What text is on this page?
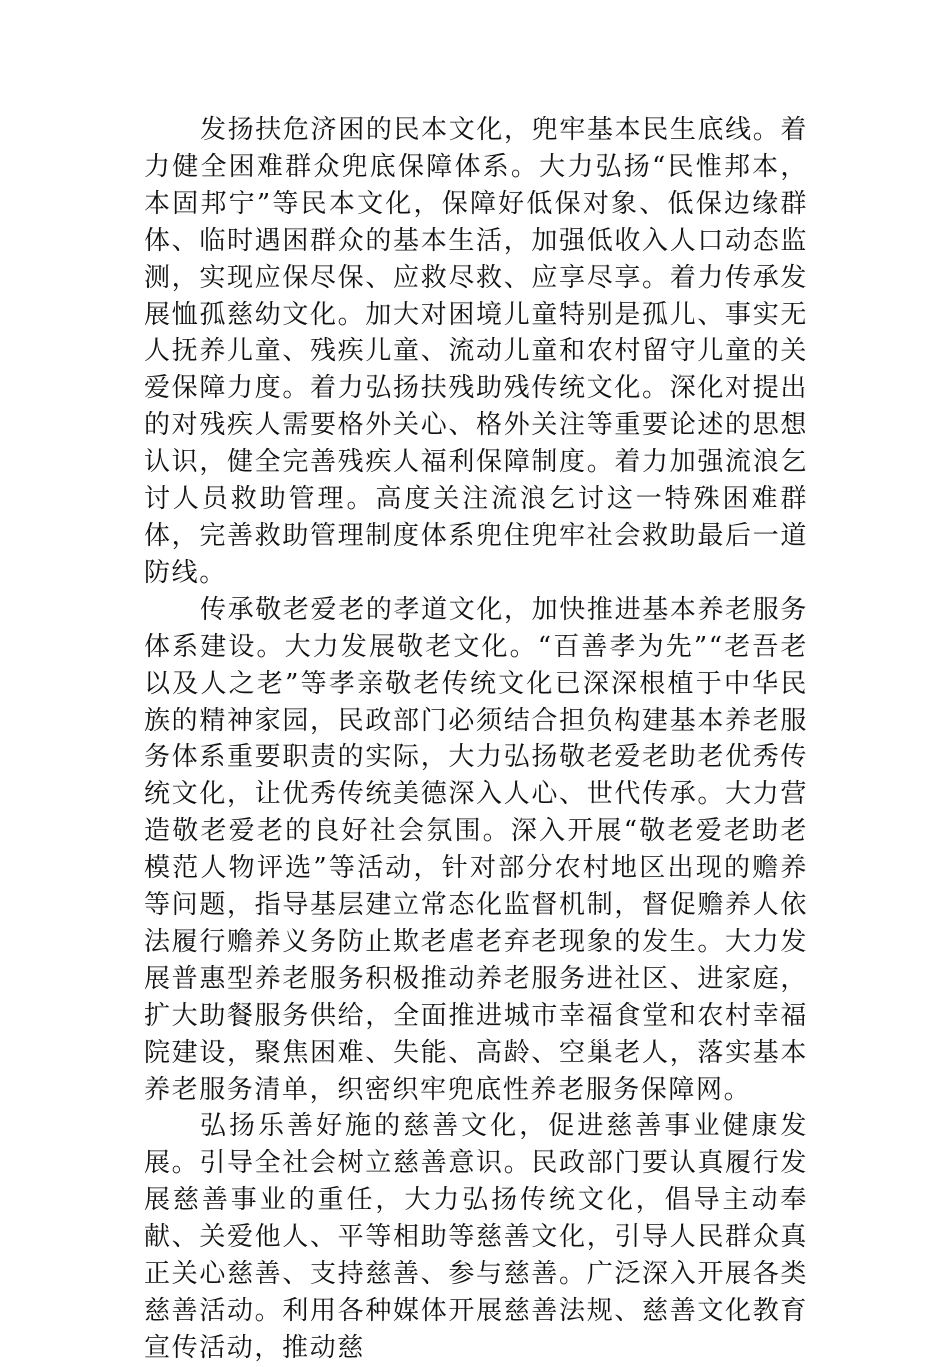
发扬扶危济困的民本文化，兜牢基本民生底线。着力健全困难群众兜底保障体系。大力弘扬“民惟邦本，本固邦宁”等民本文化，保障好低保对象、低保边缘群体、临时遇困群众的基本生活，加强低收入人口动态监测，实现应保尽保、应救尽救、应享尽享。着力传承发展恤孤慈幼文化。加大对困境儿童特别是孤儿、事实无人抚养儿童、残疾儿童、流动儿童和农村留守儿童的关爱保障力度。着力弘扬扶残助残传统文化。深化对提出的对残疾人需要格外关心、格外关注等重要论述的思想认识，健全完善残疾人福利保障制度。着力加强流浪乞讨人员救助管理。高度关注流浪乞讨这一特殊困难群体，完善救助管理制度体系兜住兜牢社会救助最后一道防线。

传承敬老爱老的孝道文化，加快推进基本养老服务体系建设。大力发展敬老文化。“百善孝为先”“老吾老以及人之老”等孝亲敬老传统文化已深深根植于中华民族的精神家园，民政部门必须结合担负构建基本养老服务体系重要职责的实际，大力弘扬敬老爱老助老优秀传统文化，让优秀传统美德深入人心、世代传承。大力营造敬老爱老的良好社会氛围。深入开展“敬老爱老助老模范人物评选”等活动，针对部分农村地区出现的赡养等问题，指导基层建立常态化监督机制，督促赡养人依法履行赡养义务防止欺老虐老弃老现象的发生。大力发展普惠型养老服务积极推动养老服务进社区、进家庭，扩大助餐服务供给，全面推进城市幸福食堂和农村幸福院建设，聚焦困难、失能、高龄、空巢老人，落实基本养老服务清单，织密织牢兜底性养老服务保障网。

弘扬乐善好施的慈善文化，促进慈善事业健康发展。引导全社会树立慈善意识。民政部门要认真履行发展慈善事业的重任，大力弘扬传统文化，倡导主动奉献、关爱他人、平等相助等慈善文化，引导人民群众真正关心慈善、支持慈善、参与慈善。广泛深入开展各类慈善活动。利用各种媒体开展慈善法规、慈善文化教育宣传活动，推动慈
